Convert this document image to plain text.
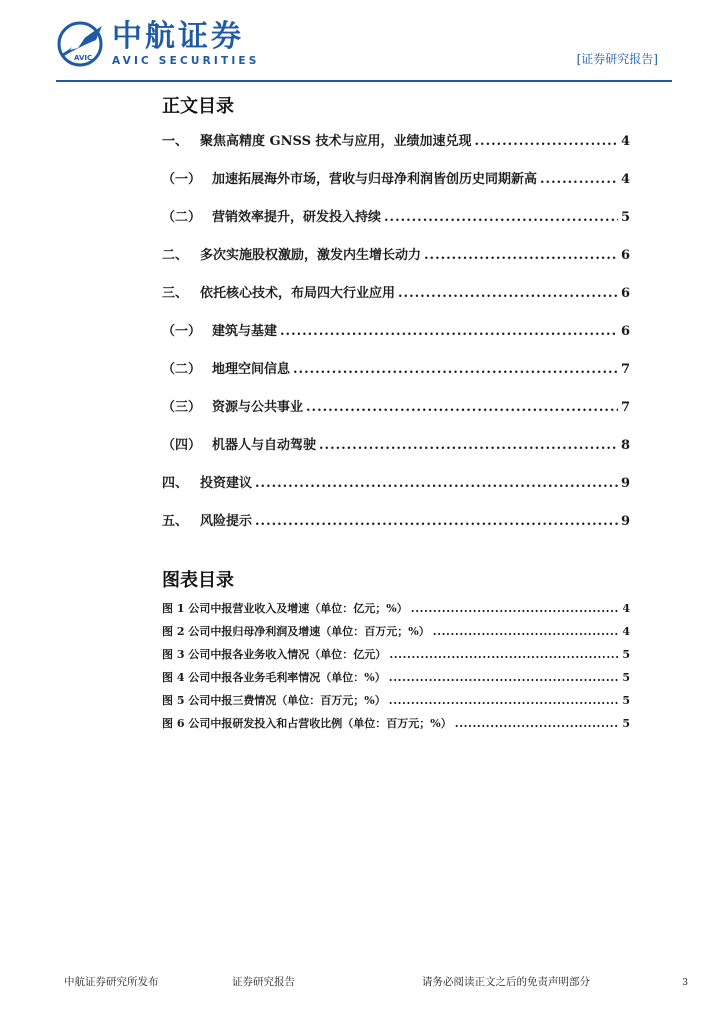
AVIC
中航证券
AVIC SECURITIES	[证券研究报告]
正文目录
一、 聚焦高精度 GNSS 技术与应用，业绩加速兑现 .....	4
（一） 加速拓展海外市场，营收与归母净利润皆创历史同期新高 .....	4
（二） 营销效率提升，研发投入持续 .....	5
二、 多次实施股权激励，激发内生增长动力 .....	6
三、 依托核心技术，布局四大行业应用 .....	6
（一） 建筑与基建 .....	6
（二） 地理空间信息 .....	7
（三） 资源与公共事业 .....	7
（四） 机器人与自动驾驶 .....	8
四、 投资建议 .....	9
五、 风险提示 .....	9
图表目录
图 1 公司中报营业收入及增速（单位：亿元；%） .....	4
图 2 公司中报归母净利润及增速（单位：百万元；%） .....	4
图 3 公司中报各业务收入情况（单位：亿元） .....	5
图 4 公司中报各业务毛利率情况（单位：%） .....	5
图 5 公司中报三费情况（单位：百万元；%） .....	5
图 6 公司中报研发投入和占营收比例（单位：百万元；%） .....	5
中航证券研究所发布	证券研究报告	请务必阅读正文之后的免责声明部分	3
